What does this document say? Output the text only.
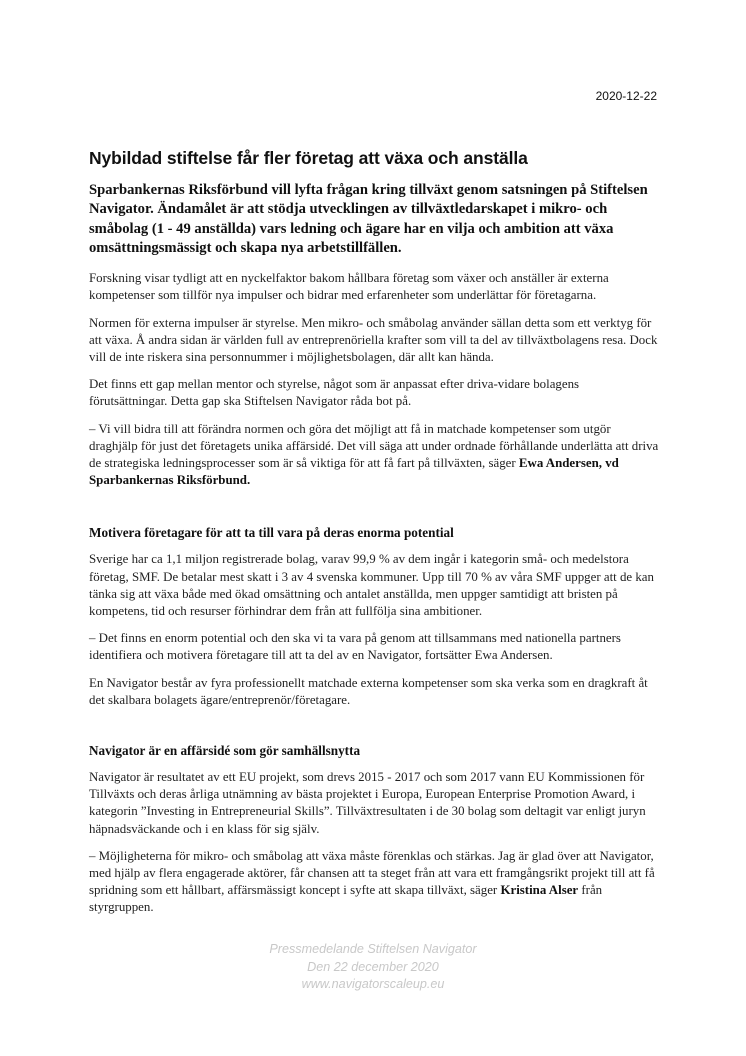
2020-12-22
Nybildad stiftelse får fler företag att växa och anställa

Sparbankernas Riksförbund vill lyfta frågan kring tillväxt genom satsningen på Stiftelsen Navigator. Ändamålet är att stödja utvecklingen av tillväxtledarskapet i mikro- och småbolag (1 - 49 anställda) vars ledning och ägare har en vilja och ambition att växa omsättningsmässigt och skapa nya arbetstillfällen.

Forskning visar tydligt att en nyckelfaktor bakom hållbara företag som växer och anställer är externa kompetenser som tillför nya impulser och bidrar med erfarenheter som underlättar för företagarna.

Normen för externa impulser är styrelse. Men mikro- och småbolag använder sällan detta som ett verktyg för att växa. Å andra sidan är världen full av entreprenöriella krafter som vill ta del av tillväxtbolagens resa. Dock vill de inte riskera sina personnummer i möjlighetsbolagen, där allt kan hända.

Det finns ett gap mellan mentor och styrelse, något som är anpassat efter driva-vidare bolagens förutsättningar. Detta gap ska Stiftelsen Navigator råda bot på.

– Vi vill bidra till att förändra normen och göra det möjligt att få in matchade kompetenser som utgör draghjälp för just det företagets unika affärsidé. Det vill säga att under ordnade förhållande underlätta att driva de strategiska ledningsprocesser som är så viktiga för att få fart på tillväxten, säger Ewa Andersen, vd Sparbankernas Riksförbund.

Motivera företagare för att ta till vara på deras enorma potential

Sverige har ca 1,1 miljon registrerade bolag, varav 99,9 % av dem ingår i kategorin små- och medelstora företag, SMF. De betalar mest skatt i 3 av 4 svenska kommuner. Upp till 70 % av våra SMF uppger att de kan tänka sig att växa både med ökad omsättning och antalet anställda, men uppger samtidigt att bristen på kompetens, tid och resurser förhindrar dem från att fullfölja sina ambitioner.

– Det finns en enorm potential och den ska vi ta vara på genom att tillsammans med nationella partners identifiera och motivera företagare till att ta del av en Navigator, fortsätter Ewa Andersen.

En Navigator består av fyra professionellt matchade externa kompetenser som ska verka som en dragkraft åt det skalbara bolagets ägare/entreprenör/företagare.

Navigator är en affärsidé som gör samhällsnytta

Navigator är resultatet av ett EU projekt, som drevs 2015 - 2017 och som 2017 vann EU Kommissionen för Tillväxts och deras årliga utnämning av bästa projektet i Europa, European Enterprise Promotion Award, i kategorin ”Investing in Entrepreneurial Skills”. Tillväxtresultaten i de 30 bolag som deltagit var enligt juryn häpnadsväckande och i en klass för sig själv.

– Möjligheterna för mikro- och småbolag att växa måste förenklas och stärkas. Jag är glad över att Navigator, med hjälp av flera engagerade aktörer, får chansen att ta steget från att vara ett framgångsrikt projekt till att få spridning som ett hållbart, affärsmässigt koncept i syfte att skapa tillväxt, säger Kristina Alser från styrgruppen.

Pressmedelande Stiftelsen Navigator
Den 22 december 2020
www.navigatorscaleup.eu
